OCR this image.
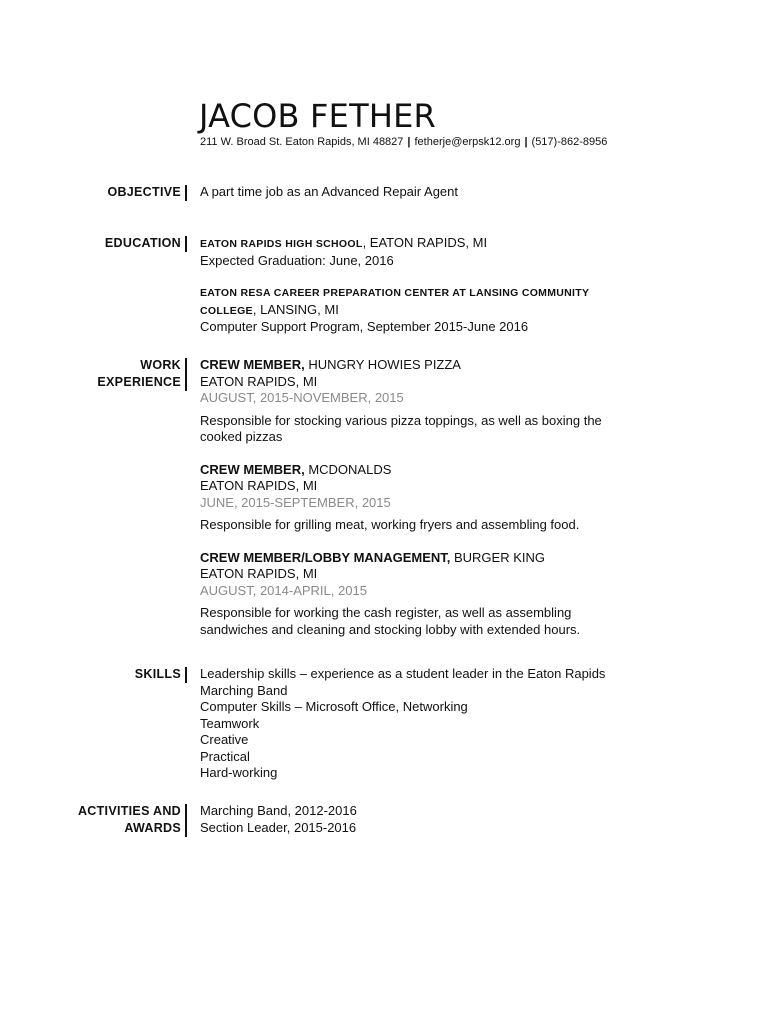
JACOB FETHER
211 W. Broad St. Eaton Rapids, MI 48827 | fetherje@erpsk12.org | (517)-862-8956
OBJECTIVE A part time job as an Advanced Repair Agent
EDUCATION EATON RAPIDS HIGH SCHOOL, EATON RAPIDS, MI
Expected Graduation: June, 2016
EATON RESA CAREER PREPARATION CENTER AT LANSING COMMUNITY
COLLEGE, LANSING, MI
Computer Support Program, September 2015-June 2016
WORK
EXPERIENCE
CREW MEMBER, HUNGRY HOWIES PIZZA
EATON RAPIDS, MI
AUGUST, 2015-NOVEMBER, 2015
Responsible for stocking various pizza toppings, as well as boxing the cooked pizzas
CREW MEMBER, MCDONALDS
EATON RAPIDS, MI
JUNE, 2015-SEPTEMBER, 2015
Responsible for grilling meat, working fryers and assembling food.
CREW MEMBER/LOBBY MANAGEMENT, BURGER KING
EATON RAPIDS, MI
AUGUST, 2014-APRIL, 2015
Responsible for working the cash register, as well as assembling sandwiches and cleaning and stocking lobby with extended hours.
SKILLS Leadership skills – experience as a student leader in the Eaton Rapids Marching Band
Computer Skills – Microsoft Office, Networking
Teamwork
Creative
Practical
Hard-working
ACTIVITIES AND
AWARDS
Marching Band, 2012-2016
Section Leader, 2015-2016
